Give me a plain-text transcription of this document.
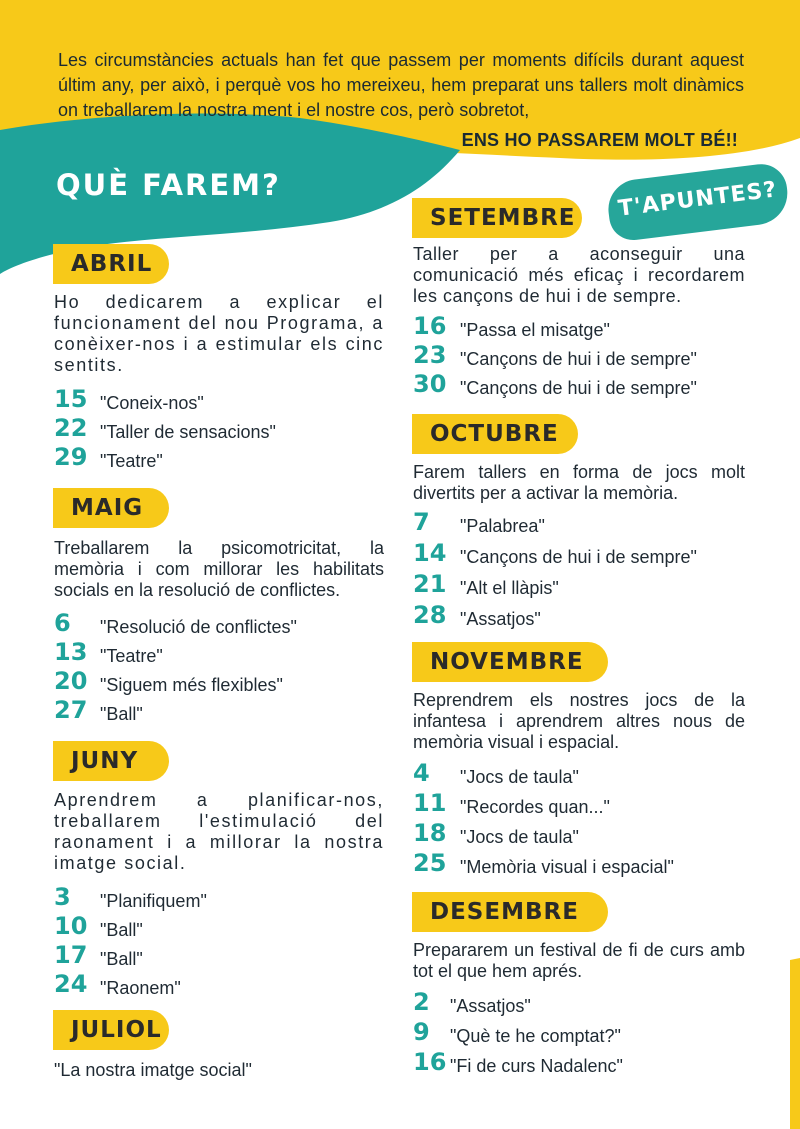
Les circumstàncies actuals han fet que passem per moments difícils durant aquest últim any, per això, i perquè vos ho mereixeu, hem preparat uns tallers molt dinàmics on treballarem la nostra ment i el nostre cos, però sobretot,
ENS HO PASSAREM MOLT BÉ!!
QUÈ FAREM?	T'APUNTES?
ABRIL
Ho dedicarem a explicar el funcionament del nou Programa, a conèixer-nos i a estimular els cinc sentits.
15 "Coneix-nos"
22 "Taller de sensacions"
29 "Teatre"
MAIG
Treballarem la psicomotricitat, la memòria i com millorar les habilitats socials en la resolució de conflictes.
6 "Resolució de conflictes"
13 "Teatre"
20 "Siguem més flexibles"
27 "Ball"
JUNY
Aprendrem a planificar-nos, treballarem l'estimulació del raonament i a millorar la nostra imatge social.
3 "Planifiquem"
10 "Ball"
17 "Ball"
24 "Raonem"
JULIOL
"La nostra imatge social"
SETEMBRE
Taller per a aconseguir una comunicació més eficaç i recordarem les cançons de hui i de sempre.
16 "Passa el misatge"
23 "Cançons de hui i de sempre"
30 "Cançons de hui i de sempre"
OCTUBRE
Farem tallers en forma de jocs molt divertits per a activar la memòria.
7 "Palabrea"
14 "Cançons de hui i de sempre"
21 "Alt el llàpis"
28 "Assatjos"
NOVEMBRE
Reprendrem els nostres jocs de la infantesa i aprendrem altres nous de memòria visual i espacial.
4 "Jocs de taula"
11 "Recordes quan..."
18 "Jocs de taula"
25 "Memòria visual i espacial"
DESEMBRE
Prepararem un festival de fi de curs amb tot el que hem aprés.
2 "Assatjos"
9 "Què te he comptat?"
16 "Fi de curs Nadalenc"
